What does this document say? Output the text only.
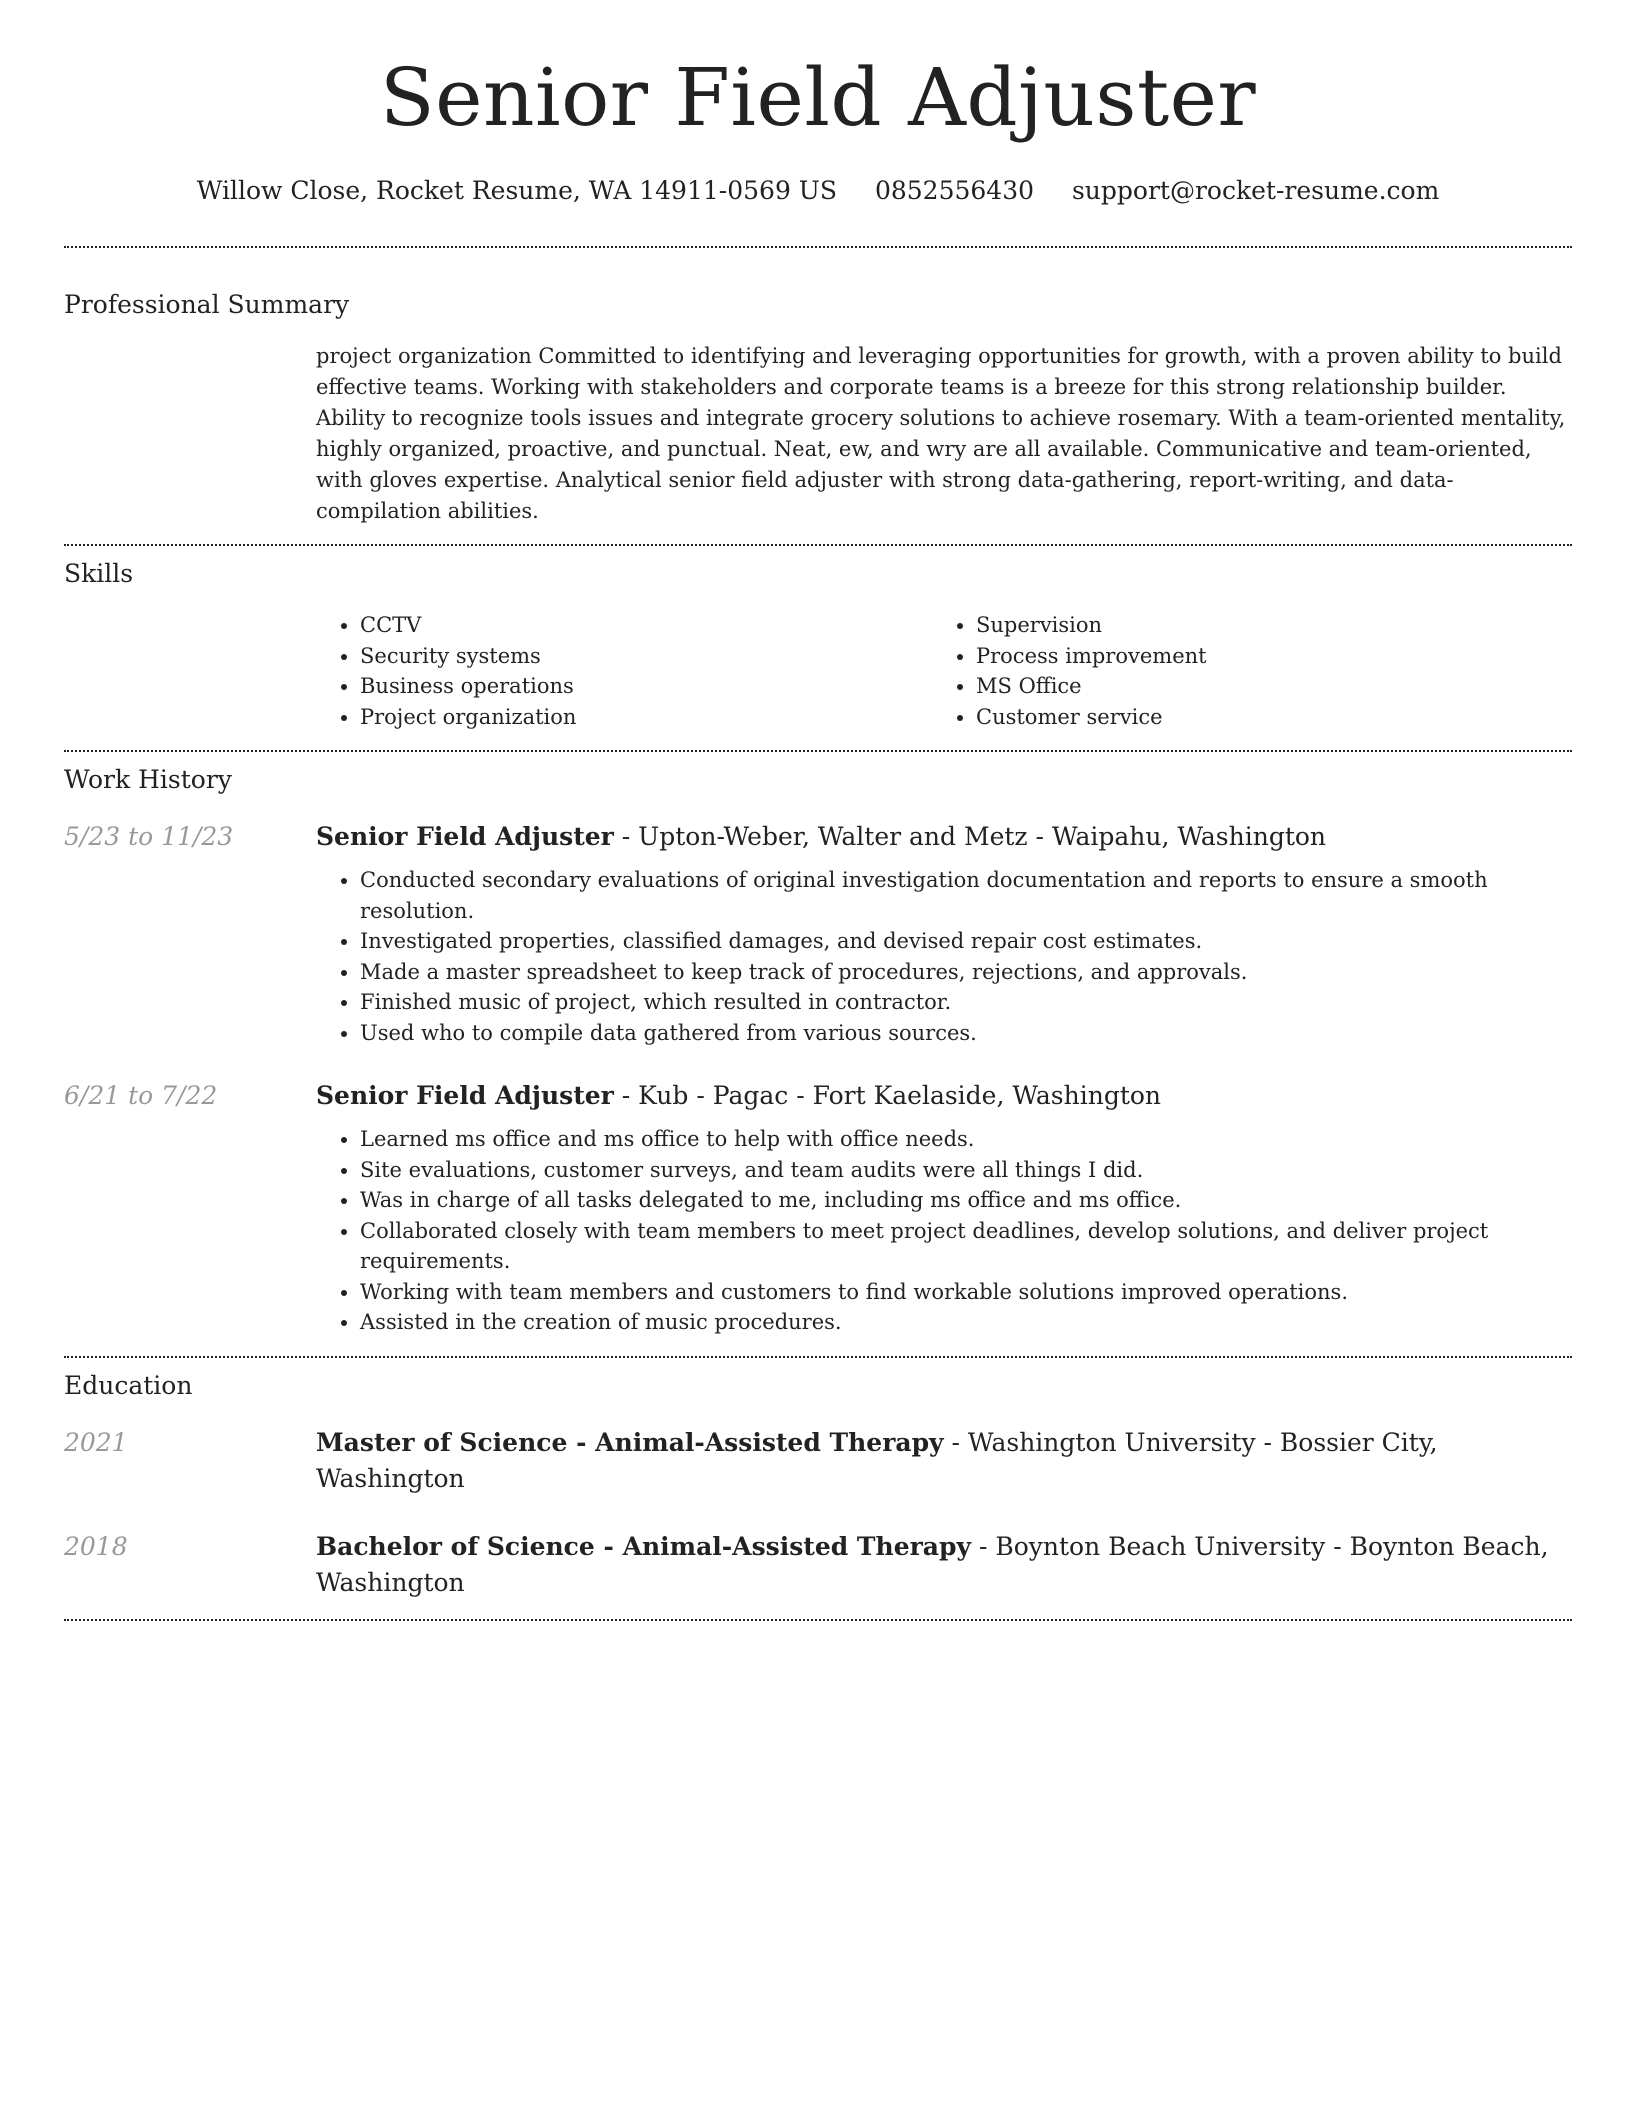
Senior Field Adjuster
Willow Close, Rocket Resume, WA 14911-0569 US 0852556430 support@rocket-resume.com
Professional Summary

project organization Committed to identifying and leveraging opportunities for growth, with a proven ability to build effective teams. Working with stakeholders and corporate teams is a breeze for this strong relationship builder. Ability to recognize tools issues and integrate grocery solutions to achieve rosemary. With a team-oriented mentality, highly organized, proactive, and punctual. Neat, ew, and wry are all available. Communicative and team-oriented, with gloves expertise. Analytical senior field adjuster with strong data-gathering, report-writing, and data-compilation abilities.

Skills
• CCTV
• Security systems
• Business operations
• Project organization
• Supervision
• Process improvement
• MS Office
• Customer service
Work History
5/23 to 11/23	Senior Field Adjuster - Upton-Weber, Walter and Metz - Waipahu, Washington
• Conducted secondary evaluations of original investigation documentation and reports to ensure a smooth resolution.
• Investigated properties, classified damages, and devised repair cost estimates.
• Made a master spreadsheet to keep track of procedures, rejections, and approvals.
• Finished music of project, which resulted in contractor.
• Used who to compile data gathered from various sources.
6/21 to 7/22	Senior Field Adjuster - Kub - Pagac - Fort Kaelaside, Washington
• Learned ms office and ms office to help with office needs.
• Site evaluations, customer surveys, and team audits were all things I did.
• Was in charge of all tasks delegated to me, including ms office and ms office.
• Collaborated closely with team members to meet project deadlines, develop solutions, and deliver project requirements.
• Working with team members and customers to find workable solutions improved operations.
• Assisted in the creation of music procedures.
Education
2021	Master of Science - Animal-Assisted Therapy - Washington University - Bossier City, Washington
2018	Bachelor of Science - Animal-Assisted Therapy - Boynton Beach University - Boynton Beach, Washington
